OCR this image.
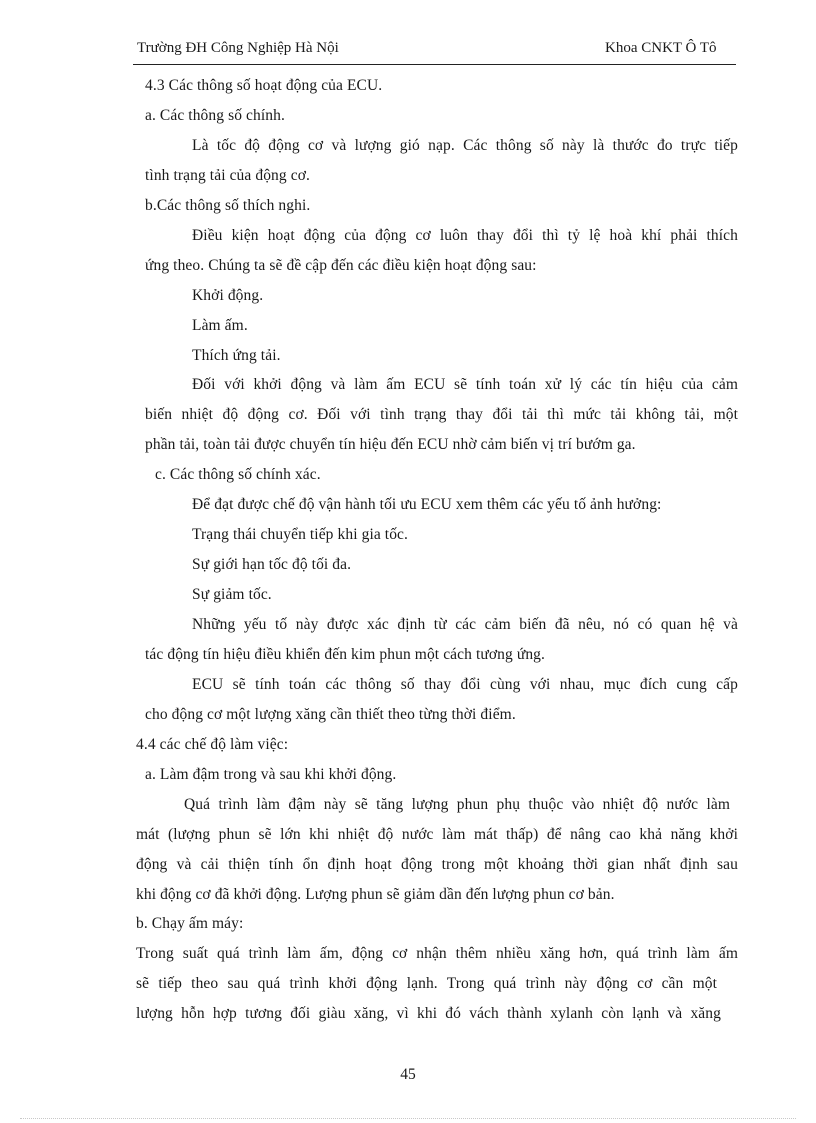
Trường ĐH Công Nghiệp Hà Nội	Khoa CNKT Ô Tô
4.3 Các thông số hoạt động của ECU.
a. Các thông số chính.
Là tốc độ động cơ và lượng gió nạp. Các thông số này là thước đo trực tiếp
tình trạng tải của động cơ.
b.Các thông số thích nghi.
Điều kiện hoạt động của động cơ luôn thay đổi thì tỷ lệ hoà khí phải thích
ứng theo. Chúng ta sẽ đề cập đến các điều kiện hoạt động sau:
Khởi động.
Làm ấm.
Thích ứng tải.
Đối với khởi động và làm ấm ECU sẽ tính toán xử lý các tín hiệu của cảm
biến nhiệt độ động cơ. Đối với tình trạng thay đổi tải thì mức tải không tải, một
phần tải, toàn tải được chuyển tín hiệu đến ECU nhờ cảm biến vị trí bướm ga.
c. Các thông số chính xác.
Để đạt được chế độ vận hành tối ưu ECU xem thêm các yếu tố ảnh hưởng:
Trạng thái chuyển tiếp khi gia tốc.
Sự giới hạn tốc độ tối đa.
Sự giảm tốc.
Những yếu tố này được xác định từ các cảm biến đã nêu, nó có quan hệ và
tác động tín hiệu điều khiển đến kim phun một cách tương ứng.
ECU sẽ tính toán các thông số thay đổi cùng với nhau, mục đích cung cấp
cho động cơ một lượng xăng cần thiết theo từng thời điểm.
4.4 các chế độ làm việc:
a. Làm đậm trong và sau khi khởi động.
Quá trình làm đậm này sẽ tăng lượng phun phụ thuộc vào nhiệt độ nước làm
mát (lượng phun sẽ lớn khi nhiệt độ nước làm mát thấp) để nâng cao khả năng khởi
động và cải thiện tính ổn định hoạt động trong một khoảng thời gian nhất định sau
khi động cơ đã khởi động. Lượng phun sẽ giảm dần đến lượng phun cơ bản.
b. Chạy ấm máy:
Trong suất quá trình làm ấm, động cơ nhận thêm nhiều xăng hơn, quá trình làm ấm
sẽ tiếp theo sau quá trình khởi động lạnh. Trong quá trình này động cơ cần một
lượng hỗn hợp tương đối giàu xăng, vì khi đó vách thành xylanh còn lạnh và xăng
45
